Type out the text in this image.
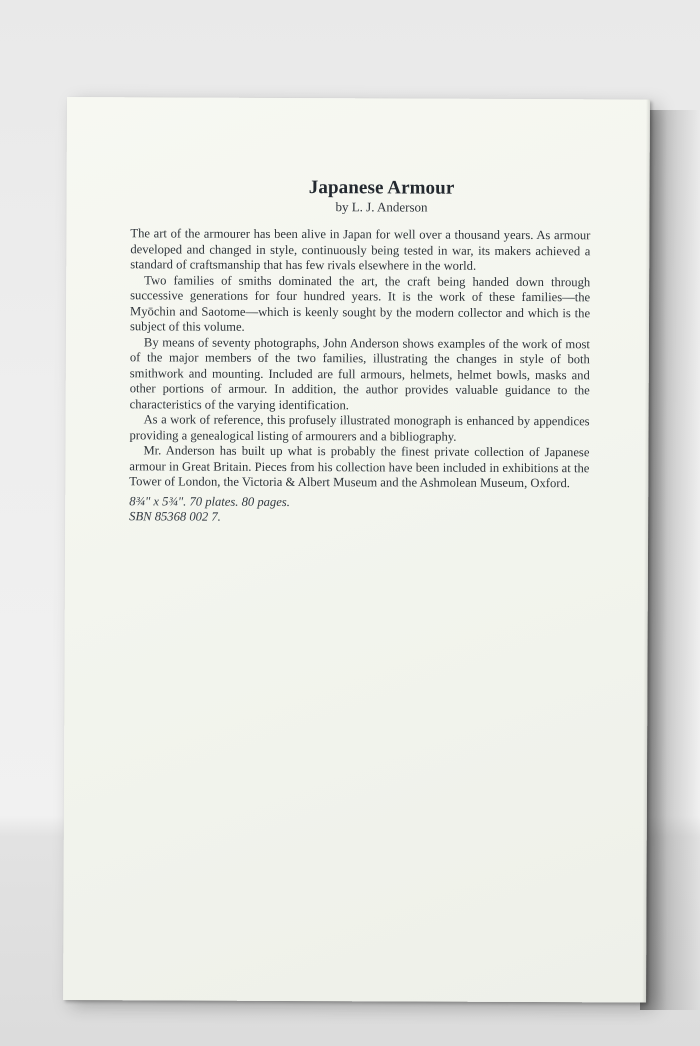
Japanese Armour

by L. J. Anderson

The art of the armourer has been alive in Japan for well over a thousand years. As armour developed and changed in style, continuously being tested in war, its makers achieved a standard of craftsmanship that has few rivals elsewhere in the world.

Two families of smiths dominated the art, the craft being handed down through successive generations for four hundred years. It is the work of these families—the Myōchin and Saotome—which is keenly sought by the modern collector and which is the subject of this volume.

By means of seventy photographs, John Anderson shows examples of the work of most of the major members of the two families, illustrating the changes in style of both smithwork and mounting. Included are full armours, helmets, helmet bowls, masks and other portions of armour. In addition, the author provides valuable guidance to the characteristics of the varying identification.

As a work of reference, this profusely illustrated monograph is enhanced by appendices providing a genealogical listing of armourers and a bibliography.

Mr. Anderson has built up what is probably the finest private collection of Japanese armour in Great Britain. Pieces from his collection have been included in exhibitions at the Tower of London, the Victoria & Albert Museum and the Ashmolean Museum, Oxford.

8¾" x 5¾". 70 plates. 80 pages.
SBN 85368 002 7.
